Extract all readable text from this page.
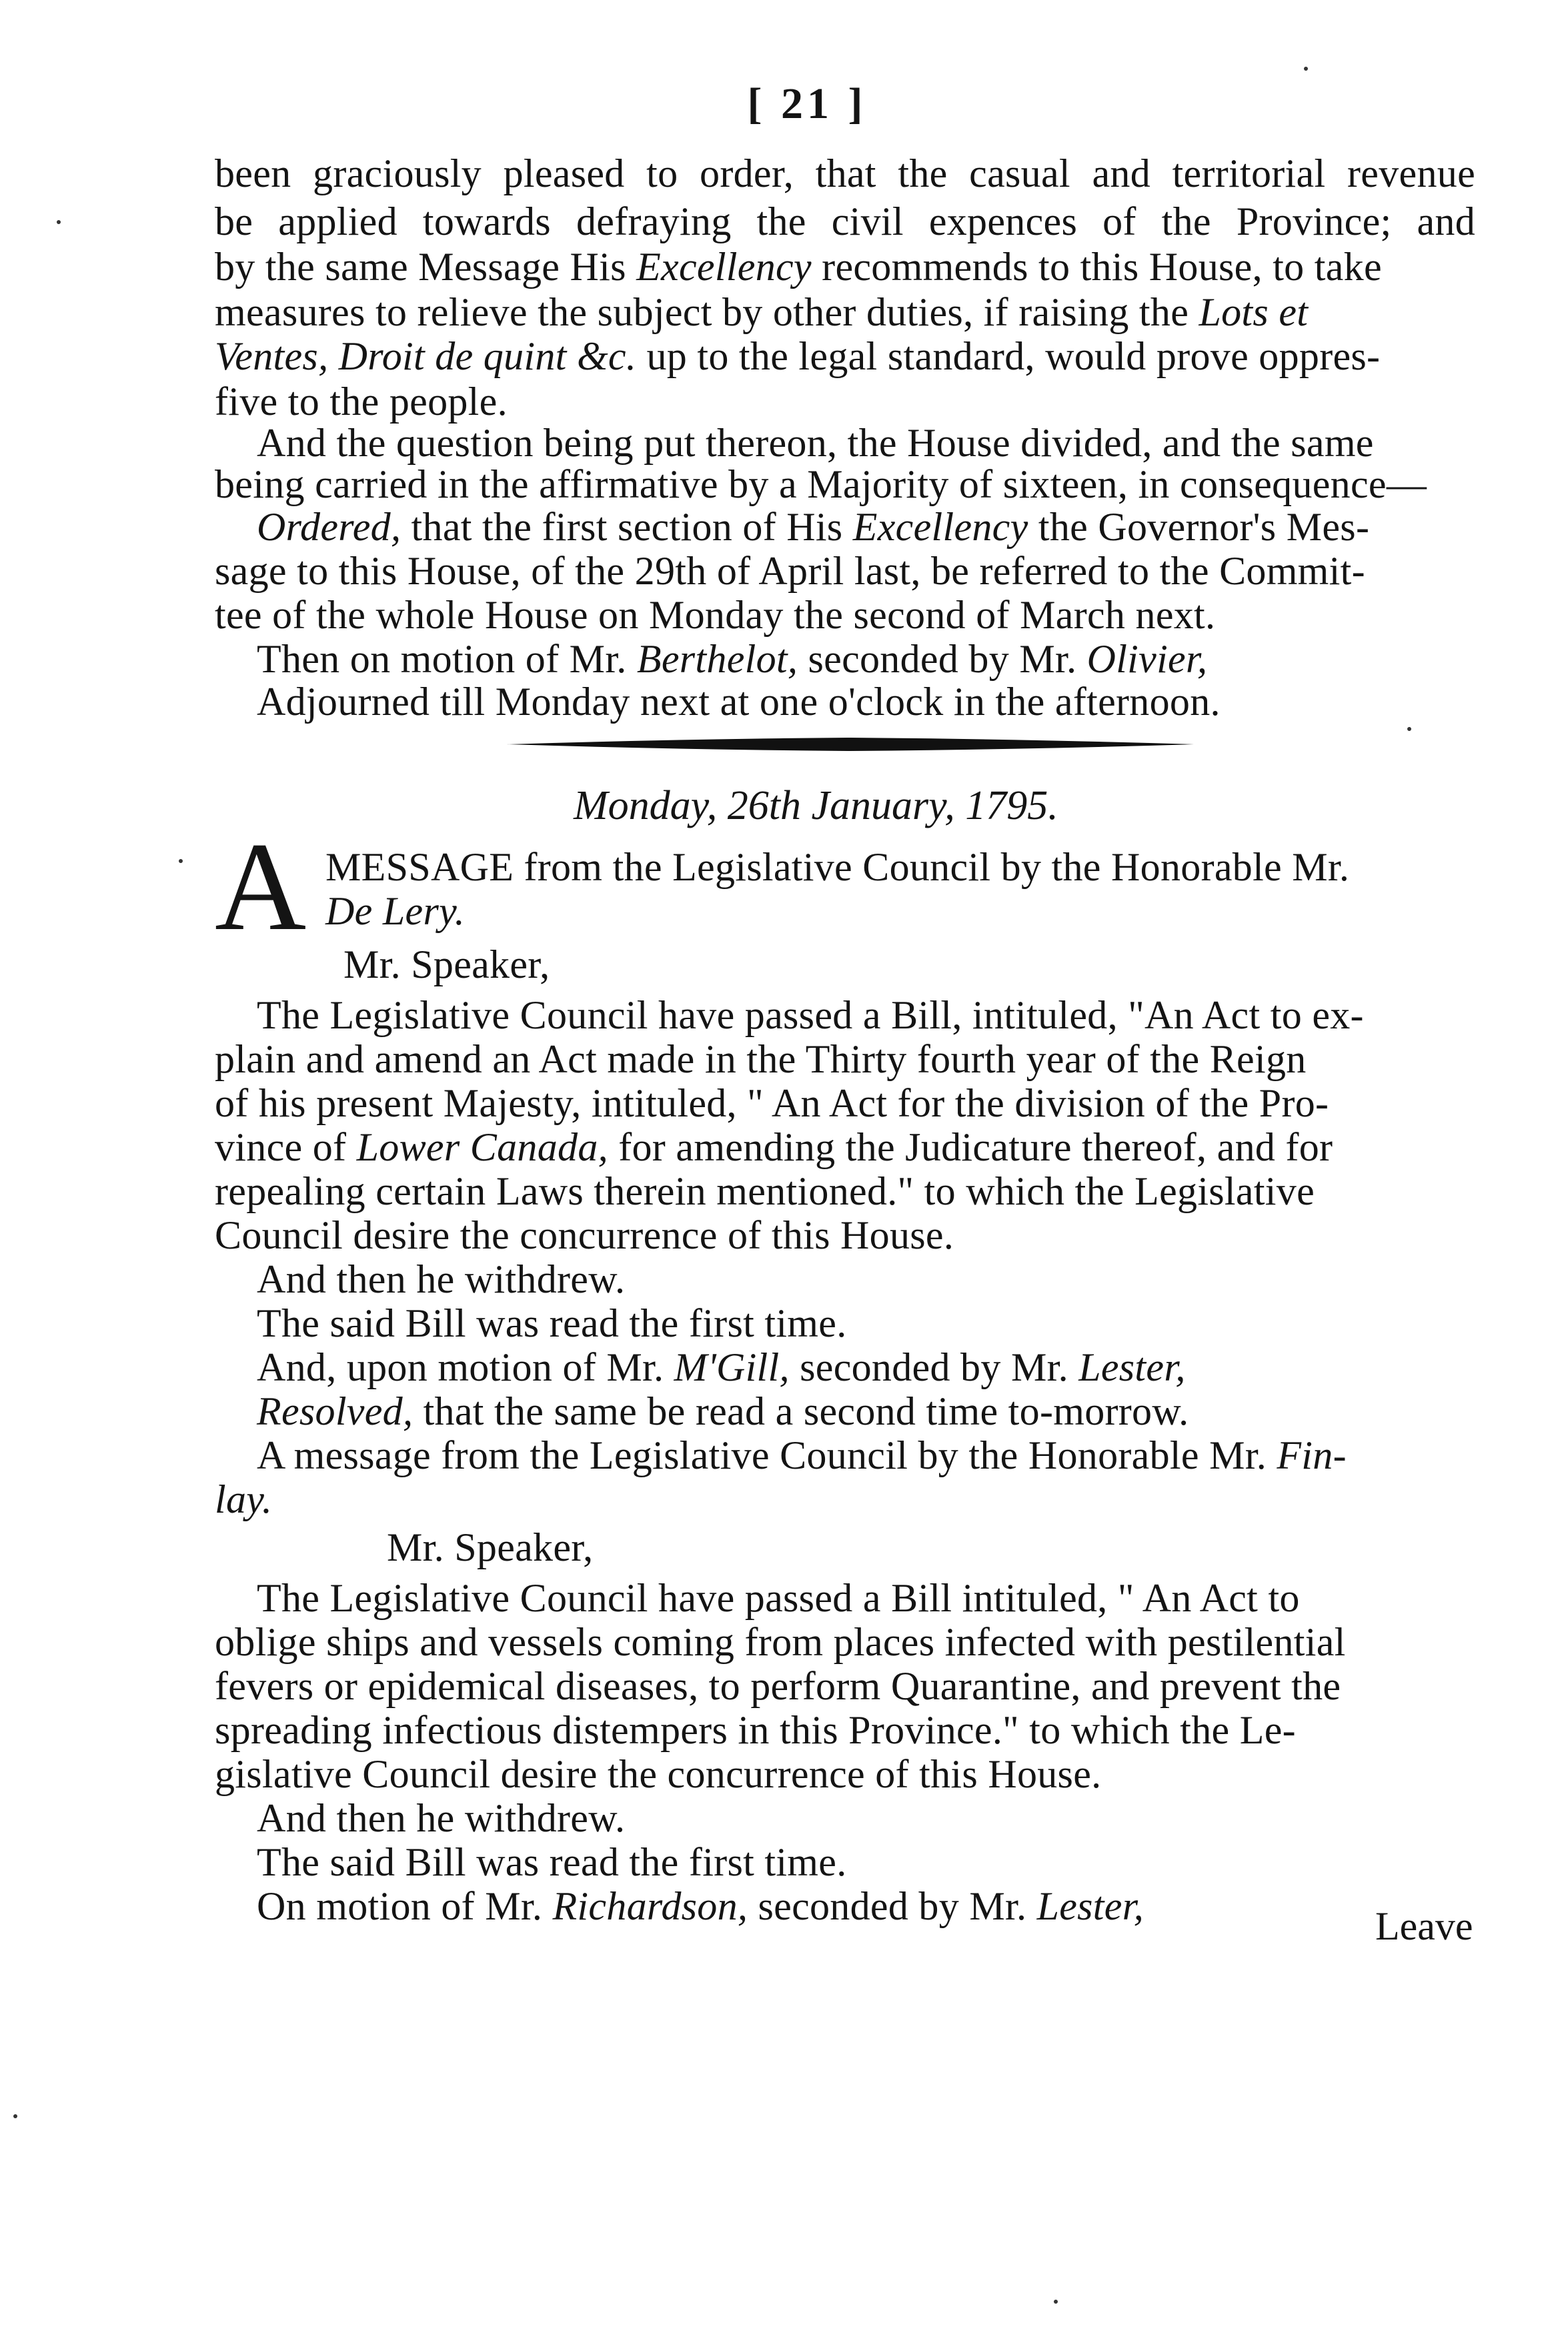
[ 21 ]
been graciously pleased to order, that the casual and territorial revenue
be applied towards defraying the civil expences of the Province; and
by the same Message His Excellency recommends to this House, to take
measures to relieve the subject by other duties, if raising the Lots et
Ventes, Droit de quint &c. up to the legal standard, would prove oppres-
five to the people.
And the question being put thereon, the House divided, and the same
being carried in the affirmative by a Majority of sixteen, in consequence—
Ordered, that the first section of His Excellency the Governor's Mes-
sage to this House, of the 29th of April last, be referred to the Commit-
tee of the whole House on Monday the second of March next.
Then on motion of Mr. Berthelot, seconded by Mr. Olivier,
Adjourned till Monday next at one o'clock in the afternoon.
Monday, 26th January, 1795.
A MESSAGE from the Legislative Council by the Honorable Mr.
De Lery.
Mr. Speaker,
The Legislative Council have passed a Bill, intituled, "An Act to ex-
plain and amend an Act made in the Thirty fourth year of the Reign
of his present Majesty, intituled, " An Act for the division of the Pro-
vince of Lower Canada, for amending the Judicature thereof, and for
repealing certain Laws therein mentioned." to which the Legislative
Council desire the concurrence of this House.
And then he withdrew.
The said Bill was read the first time.
And, upon motion of Mr. M'Gill, seconded by Mr. Lester,
Resolved, that the same be read a second time to-morrow.
A message from the Legislative Council by the Honorable Mr. Fin-
lay.
Mr. Speaker,
The Legislative Council have passed a Bill intituled, " An Act to
oblige ships and vessels coming from places infected with pestilential
fevers or epidemical diseases, to perform Quarantine, and prevent the
spreading infectious distempers in this Province." to which the Le-
gislative Council desire the concurrence of this House.
And then he withdrew.
The said Bill was read the first time.
On motion of Mr. Richardson, seconded by Mr. Lester,	Leave
